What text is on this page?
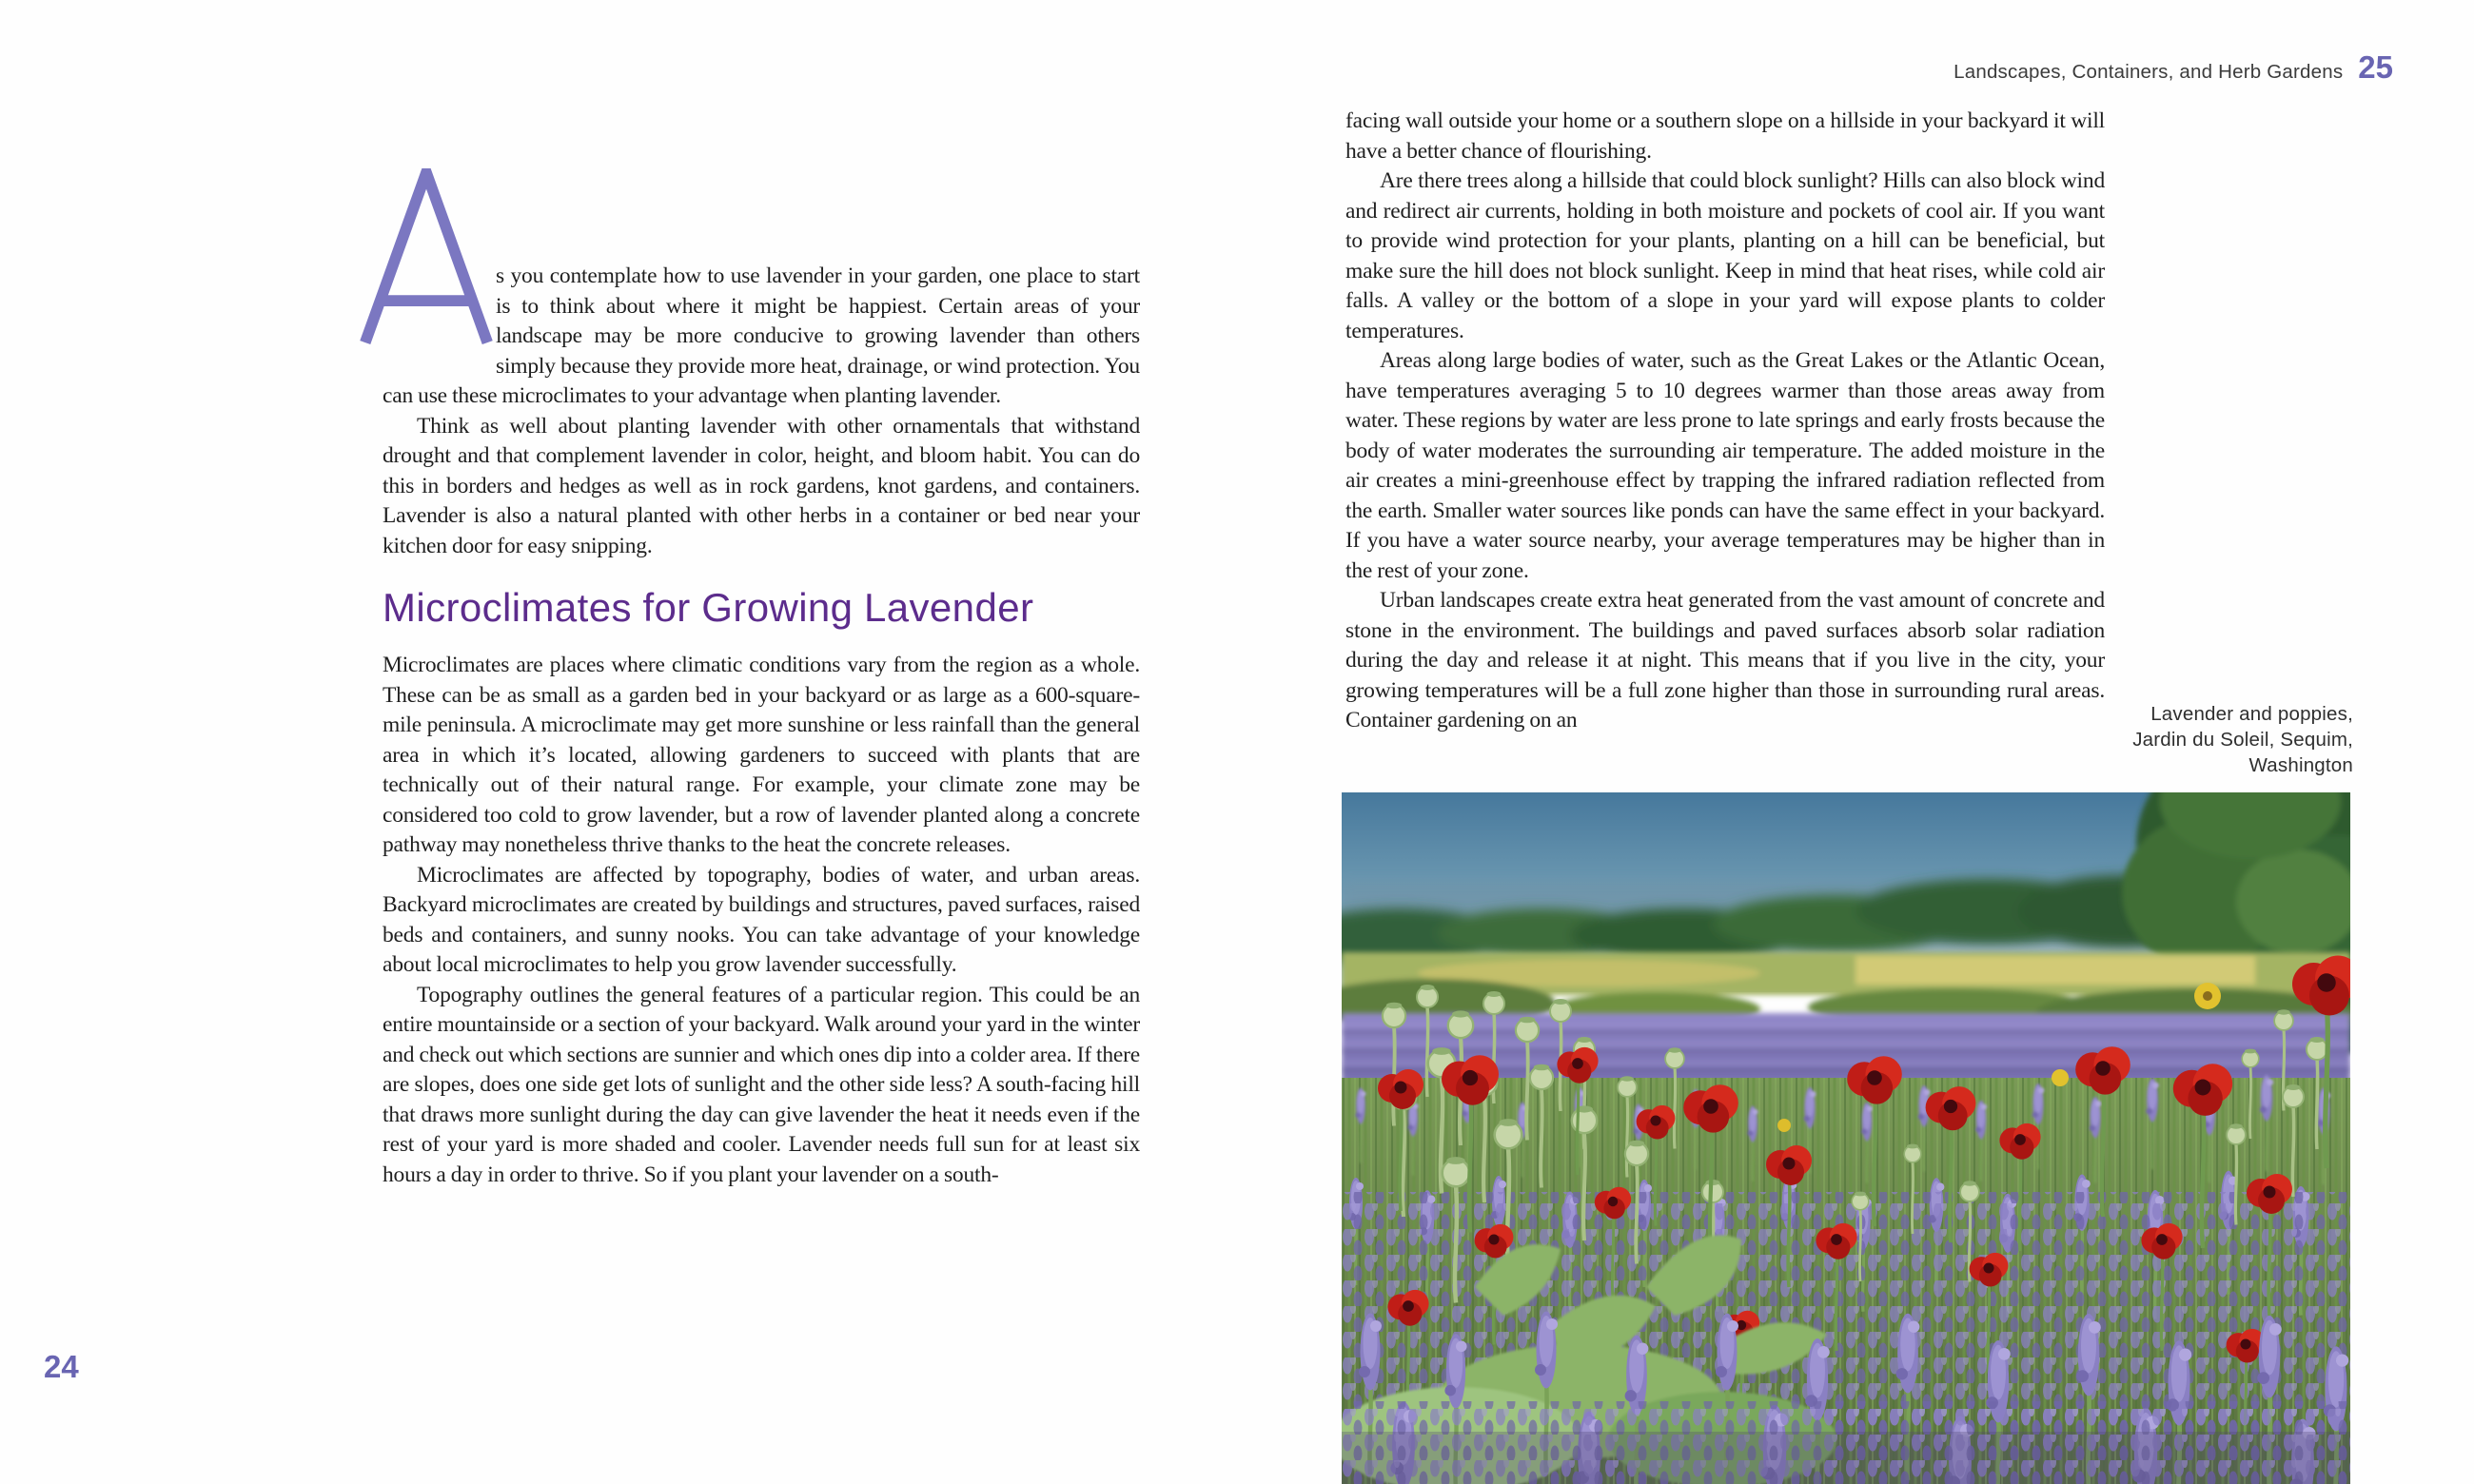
s you contemplate how to use lavender in your garden, one place to start is to think about where it might be happiest. Certain areas of your landscape may be more conducive to growing lavender than others simply because they provide more heat, drainage, or wind protection. You can use these microclimates to your advantage when planting lavender.

Think as well about planting lavender with other ornamentals that withstand drought and that complement lavender in color, height, and bloom habit. You can do this in borders and hedges as well as in rock gardens, knot gardens, and containers. Lavender is also a natural planted with other herbs in a container or bed near your kitchen door for easy snipping.

Microclimates for Growing Lavender

Microclimates are places where climatic conditions vary from the region as a whole. These can be as small as a garden bed in your backyard or as large as a 600-square-mile peninsula. A microclimate may get more sunshine or less rainfall than the general area in which it’s located, allowing gardeners to succeed with plants that are technically out of their natural range. For example, your climate zone may be considered too cold to grow lavender, but a row of lavender planted along a concrete pathway may nonetheless thrive thanks to the heat the concrete releases.

Microclimates are affected by topography, bodies of water, and urban areas. Backyard microclimates are created by buildings and structures, paved surfaces, raised beds and containers, and sunny nooks. You can take advantage of your knowledge about local microclimates to help you grow lavender successfully.

Topography outlines the general features of a particular region. This could be an entire mountainside or a section of your backyard. Walk around your yard in the winter and check out which sections are sunnier and which ones dip into a colder area. If there are slopes, does one side get lots of sunlight and the other side less? A south-facing hill that draws more sunlight during the day can give lavender the heat it needs even if the rest of your yard is more shaded and cooler. Lavender needs full sun for at least six hours a day in order to thrive. So if you plant your lavender on a south-

24
Landscapes, Containers, and Herb Gardens 25

facing wall outside your home or a southern slope on a hillside in your backyard it will have a better chance of flourishing.

Are there trees along a hillside that could block sunlight? Hills can also block wind and redirect air currents, holding in both moisture and pockets of cool air. If you want to provide wind protection for your plants, planting on a hill can be beneficial, but make sure the hill does not block sunlight. Keep in mind that heat rises, while cold air falls. A valley or the bottom of a slope in your yard will expose plants to colder temperatures.

Areas along large bodies of water, such as the Great Lakes or the Atlantic Ocean, have temperatures averaging 5 to 10 degrees warmer than those areas away from water. These regions by water are less prone to late springs and early frosts because the body of water moderates the surrounding air temperature. The added moisture in the air creates a mini-greenhouse effect by trapping the infrared radiation reflected from the earth. Smaller water sources like ponds can have the same effect in your backyard. If you have a water source nearby, your average temperatures may be higher than in the rest of your zone.

Urban landscapes create extra heat generated from the vast amount of concrete and stone in the environment. The buildings and paved surfaces absorb solar radiation during the day and release it at night. This means that if you live in the city, your growing temperatures will be a full zone higher than those in surrounding rural areas. Container gardening on an	Lavender and poppies,
Jardin du Soleil, Sequim,
Washington
